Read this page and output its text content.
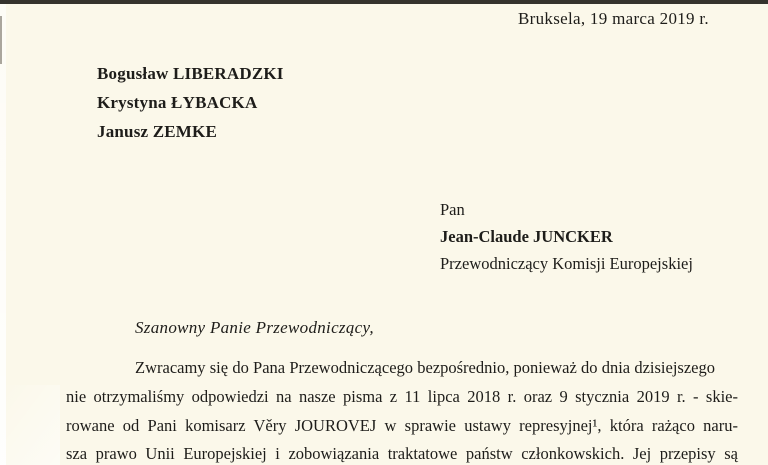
Bruksela, 19 marca 2019 r.
Bogusław LIBERADZKI
Krystyna ŁYBACKA
Janusz ZEMKE
Pan
Jean-Claude JUNCKER
Przewodniczący Komisji Europejskiej
Szanowny Panie Przewodniczący,
Zwracamy się do Pana Przewodniczącego bezpośrednio, ponieważ do dnia dzisiejszego
nie otrzymaliśmy odpowiedzi na nasze pisma z 11 lipca 2018 r. oraz 9 stycznia 2019 r. - skie-
rowane od Pani komisarz Věry JOUROVEJ w sprawie ustawy represyjnej¹, która rażąco naru-
sza prawo Unii Europejskiej i zobowiązania traktatowe państw członkowskich. Jej przepisy są
